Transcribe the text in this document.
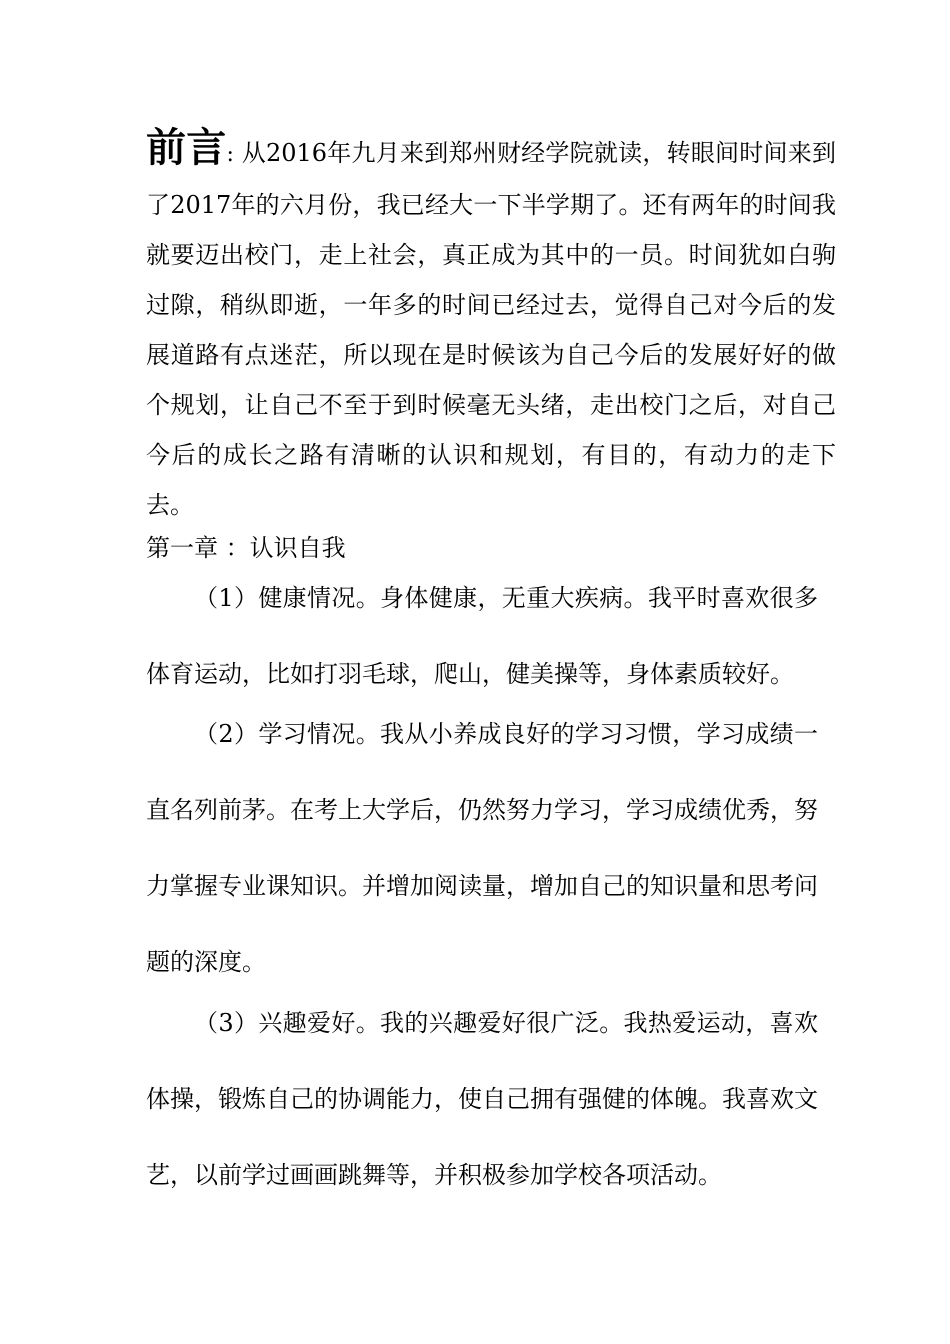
前言: 从2016年九月来到郑州财经学院就读，转眼间时间来到了2017年的六月份，我已经大一下半学期了。还有两年的时间我就要迈出校门，走上社会，真正成为其中的一员。时间犹如白驹过隙，稍纵即逝，一年多的时间已经过去，觉得自己对今后的发展道路有点迷茫，所以现在是时候该为自己今后的发展好好的做个规划，让自己不至于到时候毫无头绪，走出校门之后，对自己今后的成长之路有清晰的认识和规划，有目的，有动力的走下去。

第一章 ：认识自我

（1）健康情况。身体健康，无重大疾病。我平时喜欢很多体育运动，比如打羽毛球，爬山，健美操等，身体素质较好。

（2）学习情况。我从小养成良好的学习习惯，学习成绩一直名列前茅。在考上大学后，仍然努力学习，学习成绩优秀，努力掌握专业课知识。并增加阅读量，增加自己的知识量和思考问题的深度。

（3）兴趣爱好。我的兴趣爱好很广泛。我热爱运动，喜欢体操，锻炼自己的协调能力，使自己拥有强健的体魄。我喜欢文艺，以前学过画画跳舞等，并积极参加学校各项活动。
